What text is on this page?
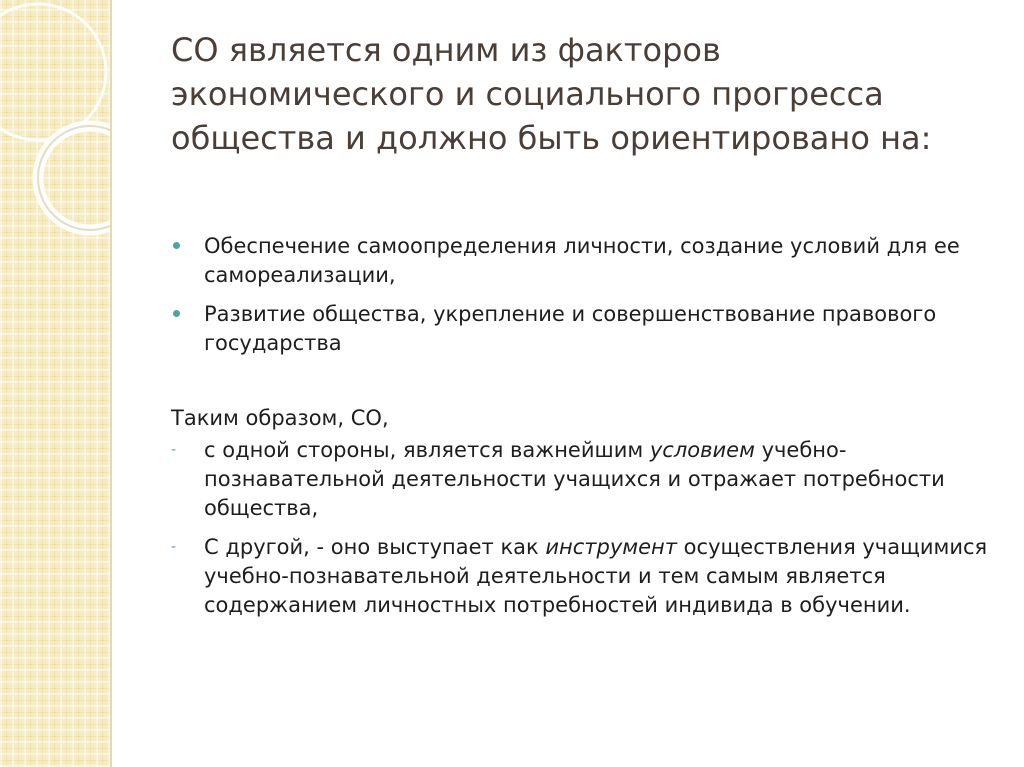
СО является одним из факторов экономического и социального прогресса общества и должно быть ориентировано на:
Обеспечение самоопределения личности, создание условий для ее самореализации,
Развитие общества, укрепление и совершенствование правового государства

Таким образом, СО,

- с одной стороны, является важнейшим условием учебно-познавательной деятельности учащихся и отражает потребности общества,
- С другой, - оно выступает как инструмент осуществления учащимися учебно-познавательной деятельности и тем самым является содержанием личностных потребностей индивида в обучении.
